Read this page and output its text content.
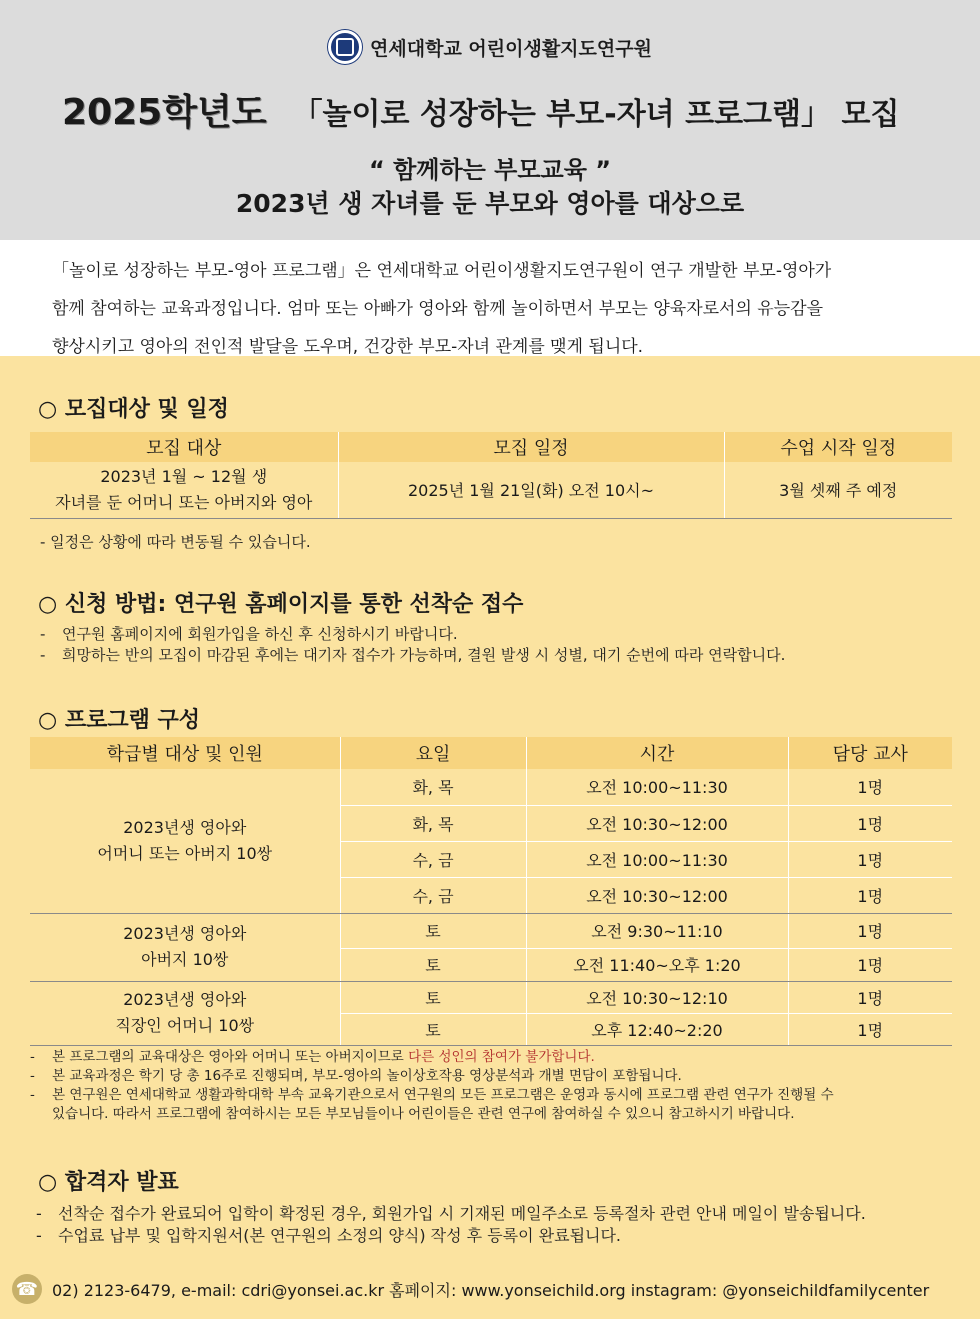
연세대학교 어린이생활지도연구원
2025학년도 「놀이로 성장하는 부모-자녀 프로그램」 모집
“ 함께하는 부모교육 ”
2023년 생 자녀를 둔 부모와 영아를 대상으로
「놀이로 성장하는 부모-영아 프로그램」은 연세대학교 어린이생활지도연구원이 연구 개발한 부모-영아가
함께 참여하는 교육과정입니다. 엄마 또는 아빠가 영아와 함께 놀이하면서 부모는 양육자로서의 유능감을
향상시키고 영아의 전인적 발달을 도우며, 건강한 부모-자녀 관계를 맺게 됩니다.
○ 모집대상 및 일정
모집 대상	모집 일정	수업 시작 일정

2023년 1월 ~ 12월 생
자녀를 둔 어머니 또는 아버지와 영아	2025년 1월 21일(화) 오전 10시~	3월 셋째 주 예정
- 일정은 상황에 따라 변동될 수 있습니다.
○ 신청 방법: 연구원 홈페이지를 통한 선착순 접수
-	연구원 홈페이지에 회원가입을 하신 후 신청하시기 바랍니다.
-	희망하는 반의 모집이 마감된 후에는 대기자 접수가 가능하며, 결원 발생 시 성별, 대기 순번에 따라 연락합니다.
○ 프로그램 구성
학급별 대상 및 인원	요일	시간	담당 교사

2023년생 영아와
어머니 또는 아버지 10쌍	화, 목	오전 10:00~11:30	1명
	화, 목	오전 10:30~12:00	1명
	수, 금	오전 10:00~11:30	1명
	수, 금	오전 10:30~12:00	1명

2023년생 영아와
아버지 10쌍	토	오전 9:30~11:10	1명
	토	오전 11:40~오후 1:20	1명

2023년생 영아와
직장인 어머니 10쌍	토	오전 10:30~12:10	1명
	토	오후 12:40~2:20	1명
-	본 프로그램의 교육대상은 영아와 어머니 또는 아버지이므로 다른 성인의 참여가 불가합니다.
-	본 교육과정은 학기 당 총 16주로 진행되며, 부모-영아의 놀이상호작용 영상분석과 개별 면담이 포함됩니다.
-	본 연구원은 연세대학교 생활과학대학 부속 교육기관으로서 연구원의 모든 프로그램은 운영과 동시에 프로그램 관련 연구가 진행될 수
있습니다. 따라서 프로그램에 참여하시는 모든 부모님들이나 어린이들은 관련 연구에 참여하실 수 있으니 참고하시기 바랍니다.
○ 합격자 발표
-	선착순 접수가 완료되어 입학이 확정된 경우, 회원가입 시 기재된 메일주소로 등록절차 관련 안내 메일이 발송됩니다.
-	수업료 납부 및 입학지원서(본 연구원의 소정의 양식) 작성 후 등록이 완료됩니다.
☎ 02) 2123-6479, e-mail: cdri@yonsei.ac.kr 홈페이지: www.yonseichild.org instagram: @yonseichildfamilycenter
